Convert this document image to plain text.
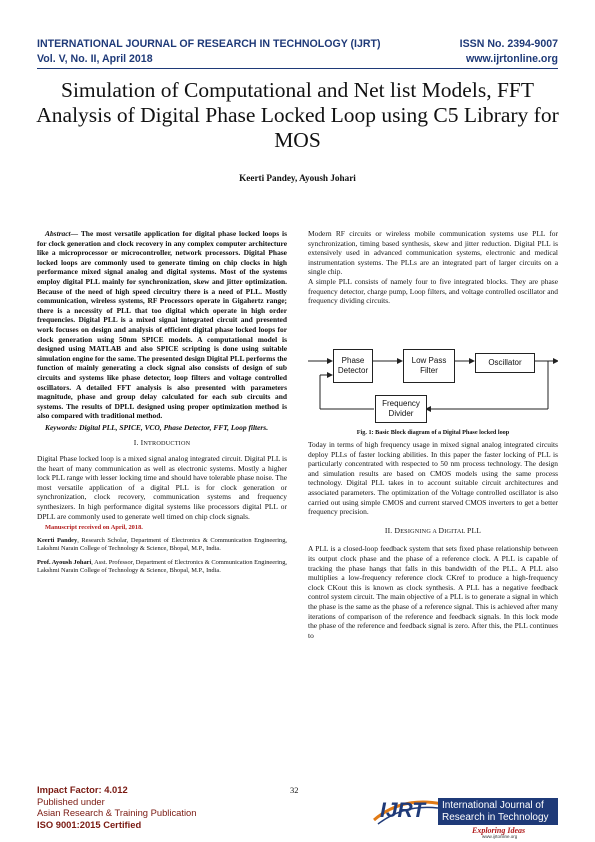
INTERNATIONAL JOURNAL OF RESEARCH IN TECHNOLOGY (IJRT)	ISSN No. 2394-9007
Vol. V, No. II, April 2018	www.ijrtonline.org
Simulation of Computational and Net list Models, FFT Analysis of Digital Phase Locked Loop using C5 Library for MOS
Keerti Pandey, Ayoush Johari

Abstract— The most versatile application for digital phase locked loops is for clock generation and clock recovery in any complex computer architecture like a microprocessor or microcontroller, network processors. Digital Phase locked loops are commonly used to generate timing on chip clocks in high performance mixed signal analog and digital systems. Most of the systems employ digital PLL mainly for synchronization, skew and jitter optimization. Because of the need of high speed circuitry there is a need of PLL. Mostly communication, wireless systems, RF Processors operate in Gigahertz range; there is a necessity of PLL that too digital which operate in high order frequencies. Digital PLL is a mixed signal integrated circuit and presented work focuses on design and analysis of efficient digital phase locked loops for clock generation using 50nm SPICE models. A computational model is designed using MATLAB and also SPICE scripting is done using suitable simulation engine for the same. The presented design Digital PLL performs the function of mainly generating a clock signal also consists of design of sub circuits and systems like phase detector, loop filters and voltage controlled oscillators. A detailed FFT analysis is also presented with parameters magnitude, phase and group delay calculated for each sub circuits and systems. The results of DPLL designed using proper optimization method is also compared with traditional method.

Keywords: Digital PLL, SPICE, VCO, Phase Detector, FFT, Loop filters.

I. INTRODUCTION

Digital Phase locked loop is a mixed signal analog integrated circuit. Digital PLL is the heart of many communication as well as electronic systems. Mostly a higher lock PLL range with lesser locking time and should have tolerable phase noise. The most versatile application of a digital PLL is for clock generation or synchronization, clock recovery, communication systems and frequency synthesizers. In high performance digital systems like processors digital PLL or DPLL are commonly used to generate well timed on chip clock signals.

Manuscript received on April, 2018.

Keerti Pandey, Research Scholar, Department of Electronics & Communication Engineering, Lakshmi Narain College of Technology & Science, Bhopal, M.P., India.

Prof. Ayoush Johari, Asst. Professor, Department of Electronics & Communication Engineering, Lakshmi Narain College of Technology & Science, Bhopal, M.P., India.

Modern RF circuits or wireless mobile communication systems use PLL for synchronization, timing based synthesis, skew and jitter reduction. Digital PLL is extensively used in advanced communication systems, electronic and medical instrumentation systems. The PLLs are an integrated part of larger circuits on a single chip.

A simple PLL consists of namely four to five integrated blocks. They are phase frequency detector, charge pump, Loop filters, and voltage controlled oscillator and frequency dividing circuits.

Phase Detector
Low Pass Filter
Oscillator
Frequency Divider
Fig. 1: Basic Block diagram of a Digital Phase locked loop

Today in terms of high frequency usage in mixed signal analog integrated circuits deploy PLLs of faster locking abilities. In this paper the faster locking of PLL is particularly concentrated with respected to 50 nm process technology. The design and simulation results are based on CMOS models using the same process technology. Digital PLL takes in to account suitable circuit architectures and associated parameters. The optimization of the Voltage controlled oscillator is also carried out using simple CMOS and current starved CMOS inverters to get a better frequency precision.

II. DESIGNING A DIGITAL PLL

A PLL is a closed-loop feedback system that sets fixed phase relationship between its output clock phase and the phase of a reference clock. A PLL is capable of tracking the phase hangs that falls in this bandwidth of the PLL. A PLL also multiplies a low-frequency reference clock CKref to produce a high-frequency clock CKout this is known as clock synthesis. A PLL has a negative feedback control system circuit. The main objective of a PLL is to generate a signal in which the phase is the same as the phase of a reference signal. This is achieved after many iterations of comparison of the reference and feedback signals. In this lock mode the phase of the reference and feedback signal is zero. After this, the PLL continues to

Impact Factor: 4.012
Published under
Asian Research & Training Publication
ISO 9001:2015 Certified
32
IJRT International Journal of
Research in Technology
Exploring Ideas
www.ijrtonline.org
